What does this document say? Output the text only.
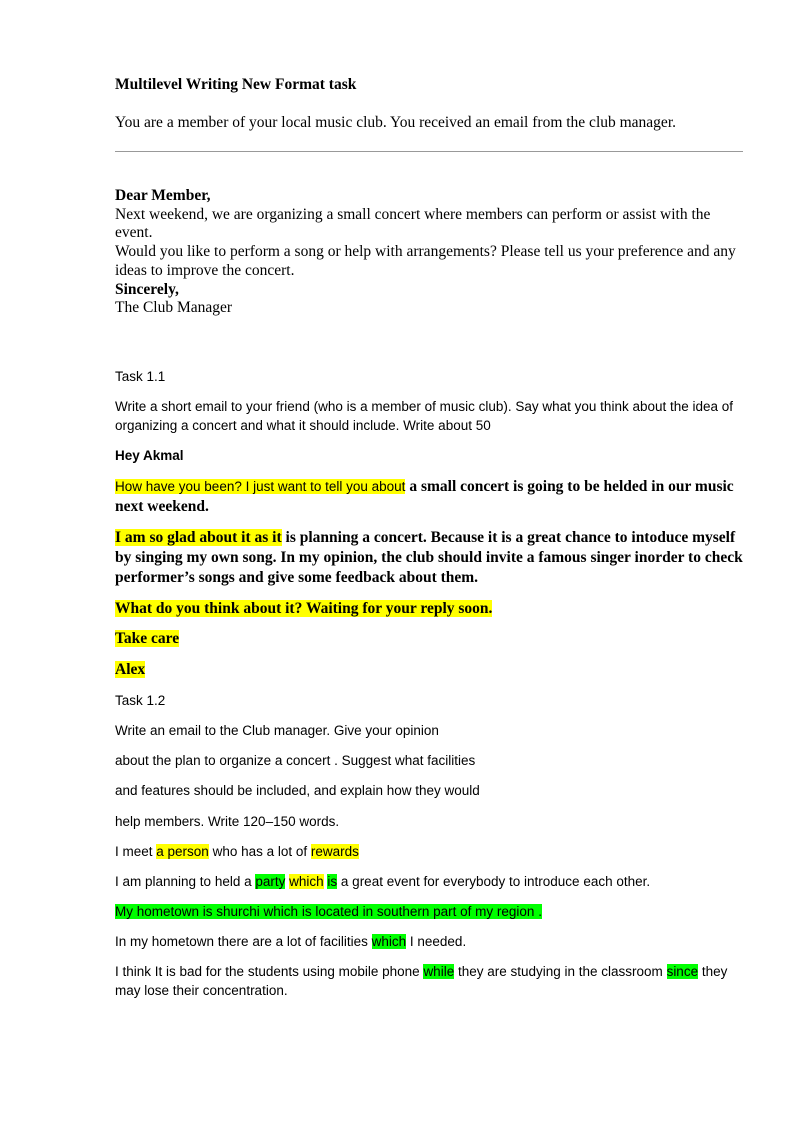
Multilevel Writing New Format task

You are a member of your local music club. You received an email from the club manager.

Dear Member,
Next weekend, we are organizing a small concert where members can perform or assist with the event.
Would you like to perform a song or help with arrangements? Please tell us your preference and any ideas to improve the concert.
Sincerely,
The Club Manager

Task 1.1

Write a short email to your friend (who is a member of music club). Say what you think about the idea of organizing a concert and what it should include. Write about 50

Hey Akmal

How have you been? I just want to tell you about a small concert is going to be helded in our music next weekend.

I am so glad about it as it is planning a concert. Because it is a great chance to intoduce myself by singing my own song. In my opinion, the club should invite a famous singer inorder to check performer’s songs and give some feedback about them.

What do you think about it? Waiting for your reply soon.

Take care

Alex

Task 1.2

Write an email to the Club manager. Give your opinion

about the plan to organize a concert . Suggest what facilities

and features should be included, and explain how they would

help members. Write 120–150 words.

I meet a person who has a lot of rewards

I am planning to held a party which is a great event for everybody to introduce each other.

My hometown is shurchi which is located in southern part of my region .

In my hometown there are a lot of facilities which I needed.

I think It is bad for the students using mobile phone while they are studying in the classroom since they may lose their concentration.
